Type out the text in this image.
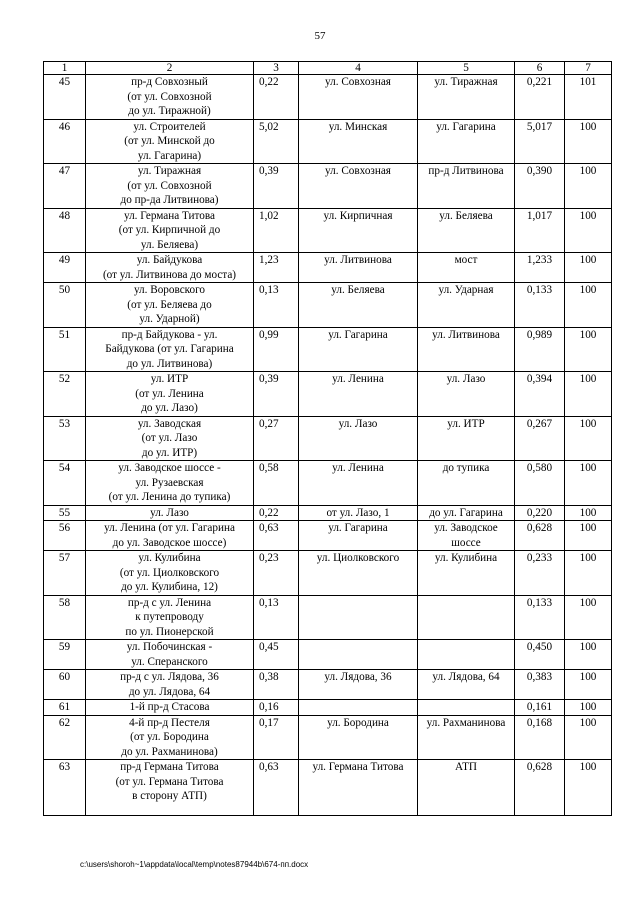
57
1	2	3	4	5	6	7
45	пр-д Совхозный
(от ул. Совхозной
до ул. Тиражной)	0,22	ул. Совхозная	ул. Тиражная	0,221	101
46	ул. Строителей
(от ул. Минской до
ул. Гагарина)	5,02	ул. Минская	ул. Гагарина	5,017	100
47	ул. Тиражная
(от ул. Совхозной
до пр-да Литвинова)	0,39	ул. Совхозная	пр-д Литвинова	0,390	100
48	ул. Германа Титова
(от ул. Кирпичной до
ул. Беляева)	1,02	ул. Кирпичная	ул. Беляева	1,017	100
49	ул. Байдукова
(от ул. Литвинова до моста)	1,23	ул. Литвинова	мост	1,233	100
50	ул. Воровского
(от ул. Беляева до
ул. Ударной)	0,13	ул. Беляева	ул. Ударная	0,133	100
51	пр-д Байдукова - ул.
Байдукова (от ул. Гагарина
до ул. Литвинова)	0,99	ул. Гагарина	ул. Литвинова	0,989	100
52	ул. ИТР
(от ул. Ленина
до ул. Лазо)	0,39	ул. Ленина	ул. Лазо	0,394	100
53	ул. Заводская
(от ул. Лазо
до ул. ИТР)	0,27	ул. Лазо	ул. ИТР	0,267	100
54	ул. Заводское шоссе -
ул. Рузаевская
(от ул. Ленина до тупика)	0,58	ул. Ленина	до тупика	0,580	100
55	ул. Лазо	0,22	от ул. Лазо, 1	до ул. Гагарина	0,220	100
56	ул. Ленина (от ул. Гагарина
до ул. Заводское шоссе)	0,63	ул. Гагарина	ул. Заводское
шоссе	0,628	100
57	ул. Кулибина
(от ул. Циолковского
до ул. Кулибина, 12)	0,23	ул. Циолковского	ул. Кулибина	0,233	100
58	пр-д с ул. Ленина
к путепроводу
по ул. Пионерской	0,13			0,133	100
59	ул. Побочинская -
ул. Сперанского	0,45			0,450	100
60	пр-д с ул. Лядова, 36
до ул. Лядова, 64	0,38	ул. Лядова, 36	ул. Лядова, 64	0,383	100
61	1-й пр-д Стасова	0,16			0,161	100
62	4-й пр-д Пестеля
(от ул. Бородина
до ул. Рахманинова)	0,17	ул. Бородина	ул. Рахманинова	0,168	100
63	пр-д Германа Титова
(от ул. Германа Титова
в сторону АТП)	0,63	ул. Германа Титова	АТП	0,628	100
c:\users\shoroh~1\appdata\local\temp\notes87944b\674-пп.docx
